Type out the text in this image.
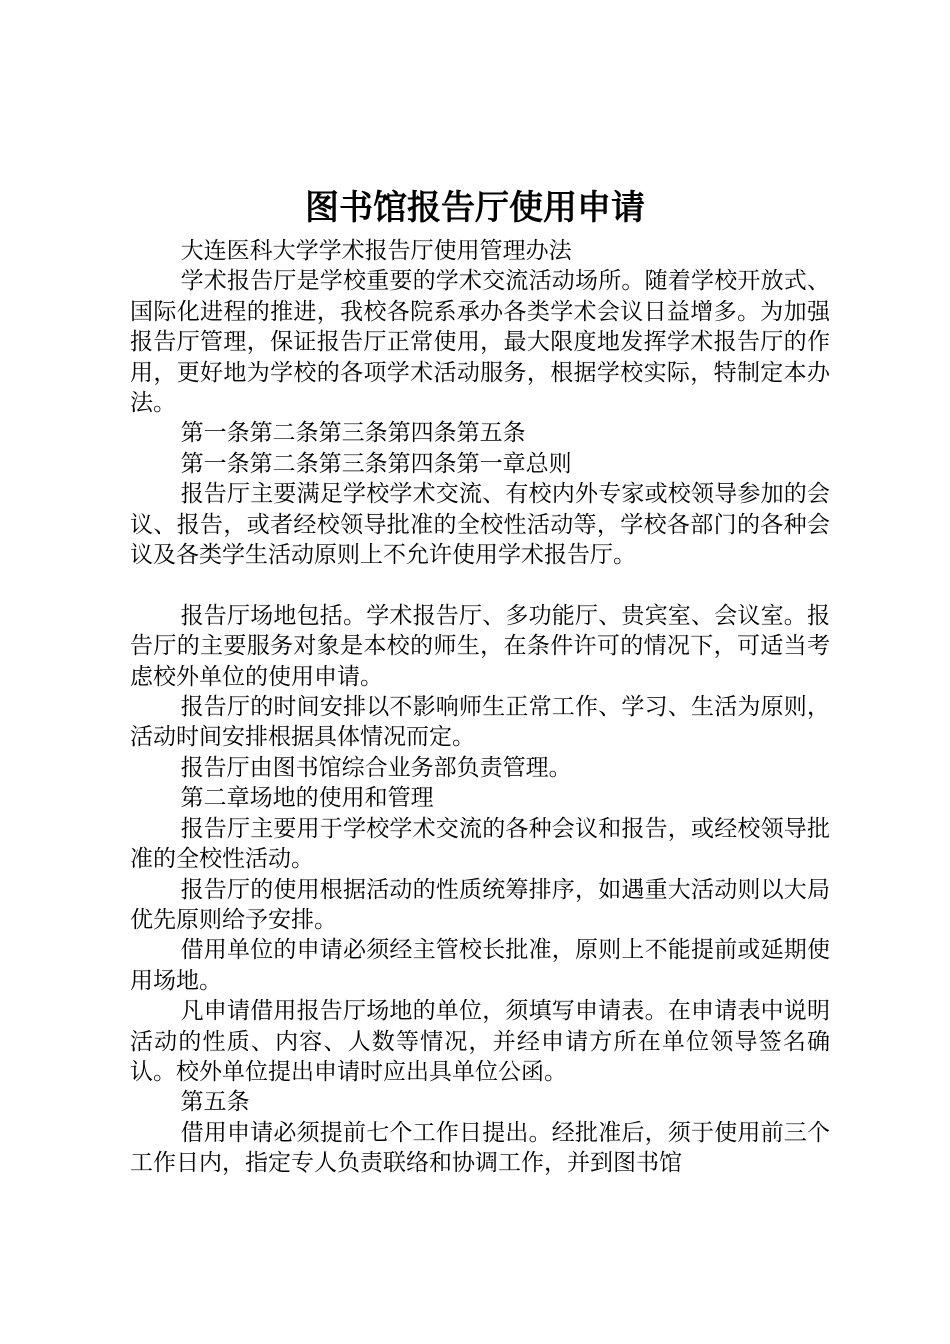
图书馆报告厅使用申请

大连医科大学学术报告厅使用管理办法

学术报告厅是学校重要的学术交流活动场所。随着学校开放式、国际化进程的推进，我校各院系承办各类学术会议日益增多。为加强报告厅管理，保证报告厅正常使用，最大限度地发挥学术报告厅的作用，更好地为学校的各项学术活动服务，根据学校实际，特制定本办法。

第一条第二条第三条第四条第五条

第一条第二条第三条第四条第一章总则

报告厅主要满足学校学术交流、有校内外专家或校领导参加的会议、报告，或者经校领导批准的全校性活动等，学校各部门的各种会议及各类学生活动原则上不允许使用学术报告厅。

报告厅场地包括。学术报告厅、多功能厅、贵宾室、会议室。报告厅的主要服务对象是本校的师生，在条件许可的情况下，可适当考虑校外单位的使用申请。

报告厅的时间安排以不影响师生正常工作、学习、生活为原则，活动时间安排根据具体情况而定。

报告厅由图书馆综合业务部负责管理。

第二章场地的使用和管理

报告厅主要用于学校学术交流的各种会议和报告，或经校领导批准的全校性活动。

报告厅的使用根据活动的性质统筹排序，如遇重大活动则以大局优先原则给予安排。

借用单位的申请必须经主管校长批准，原则上不能提前或延期使用场地。

凡申请借用报告厅场地的单位，须填写申请表。在申请表中说明活动的性质、内容、人数等情况，并经申请方所在单位领导签名确认。校外单位提出申请时应出具单位公函。

第五条

借用申请必须提前七个工作日提出。经批准后，须于使用前三个工作日内，指定专人负责联络和协调工作，并到图书馆
